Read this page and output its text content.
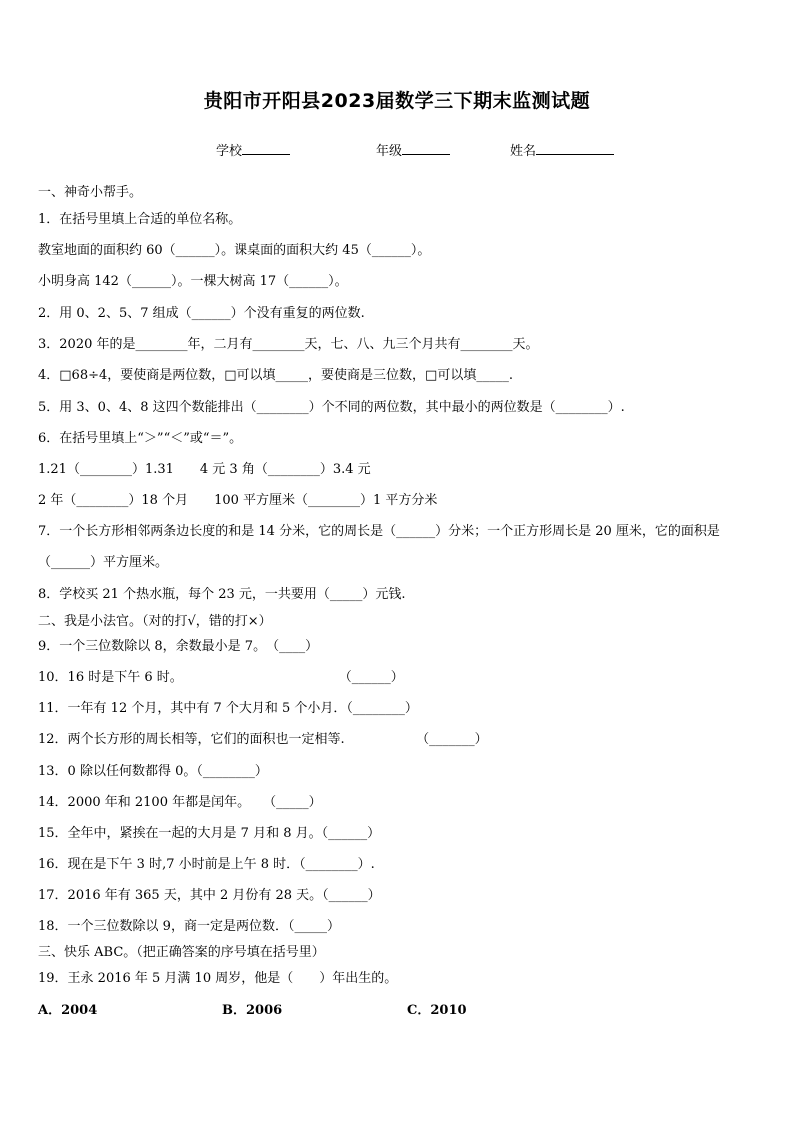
贵阳市开阳县2023届数学三下期末监测试题
学校	年级	姓名
一、神奇小帮手。
1．在括号里填上合适的单位名称。
教室地面的面积约 60（______）。课桌面的面积大约 45（______）。
小明身高 142（______）。一棵大树高 17（______）。
2．用 0、2、5、7 组成（______）个没有重复的两位数.
3．2020 年的是________年，二月有________天，七、八、九三个月共有________天。
4．□68÷4，要使商是两位数，□可以填_____，要使商是三位数，□可以填_____.
5．用 3、0、4、8 这四个数能排出（________）个不同的两位数，其中最小的两位数是（________）.
6．在括号里填上“＞”“＜”或“＝”。
1.21（________）1.31　　4 元 3 角（________）3.4 元
2 年（________）18 个月　　100 平方厘米（________）1 平方分米
7．一个长方形相邻两条边长度的和是 14 分米，它的周长是（______）分米；一个正方形周长是 20 厘米，它的面积是
（______）平方厘米。
8．学校买 21 个热水瓶，每个 23 元，一共要用（_____）元钱.
二、我是小法官。（对的打√，错的打×）
9．一个三位数除以 8，余数最小是 7。　（____）
10．16 时是下午 6 时。　　　　　　　　　　　　　（______）
11．一年有 12 个月，其中有 7 个大月和 5 个小月．（________）
12．两个长方形的周长相等，它们的面积也一定相等.　　　　　　（_______）
13．0 除以任何数都得 0。（________）
14．2000 年和 2100 年都是闰年。　　（_____）
15．全年中，紧挨在一起的大月是 7 月和 8 月。（______）
16．现在是下午 3 时,7 小时前是上午 8 时．（________）.
17．2016 年有 365 天，其中 2 月份有 28 天。（______）
18．一个三位数除以 9，商一定是两位数．（_____）
三、快乐 ABC。（把正确答案的序号填在括号里）
19．王永 2016 年 5 月满 10 周岁，他是（　　）年出生的。
A．2004	B．2006	C．2010
